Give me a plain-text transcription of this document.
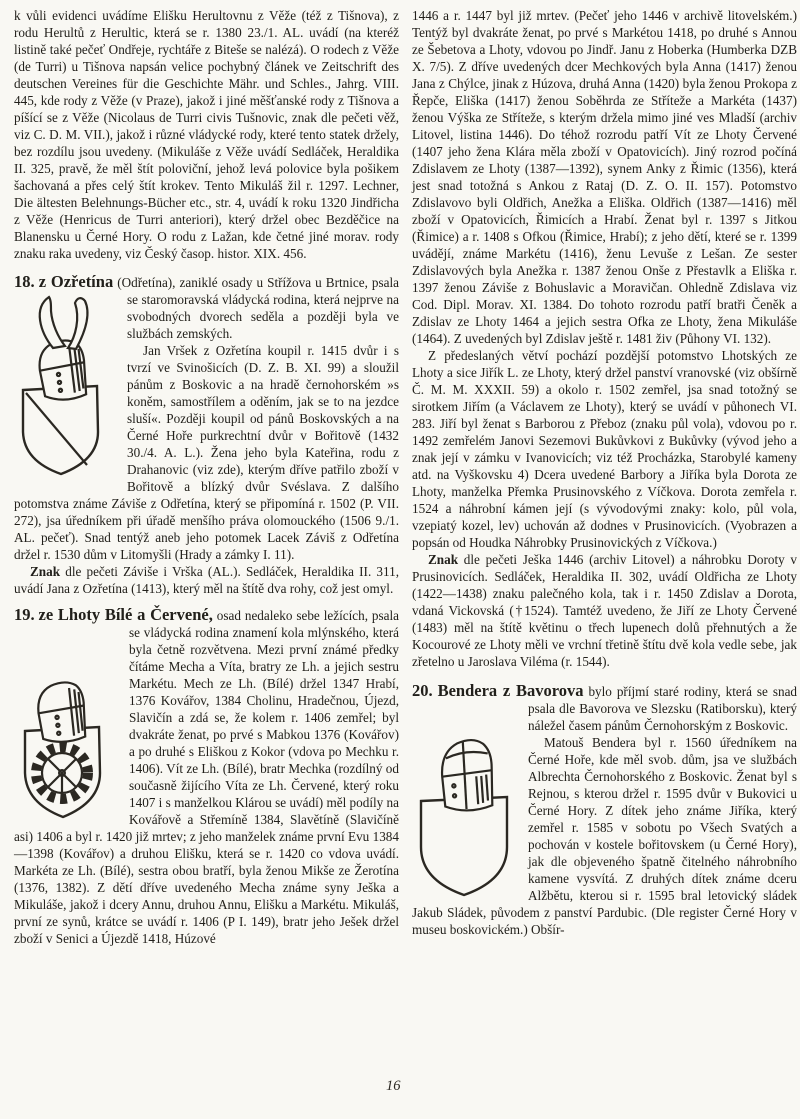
k vůli evidenci uvádíme Elišku Herultovnu z Věže (též z Tišnova), z rodu Herultů z Herultic, která se r. 1380 23./1. AL. uvádí (na kteréž listině také pečeť Ondřeje, rychtáře z Biteše se nalézá). O rodech z Věže (de Turri) u Tišnova napsán velice pochybný článek ve Zeitschrift des deutschen Vereines für die Geschichte Mähr. und Schles., Jahrg. VIII. 445, kde rody z Věže (v Praze), jakož i jiné měšťanské rody z Tišnova a píšící se z Věže (Nicolaus de Turri civis Tušnovic, znak dle pečeti věž, viz C. D. M. VII.), jakož i různé vládycké rody, které tento statek držely, bez rozdílu jsou uvedeny. (Mikuláše z Věže uvádí Sedláček, Heraldika II. 325, pravě, že měl štít poloviční, jehož levá polovice byla pošikem šachovaná a přes celý štít krokev. Tento Mikuláš žil r. 1297. Lechner, Die ältesten Belehnungs-Bücher etc., str. 4, uvádí k roku 1320 Jindřicha z Věže (Henricus de Turri anteriori), který držel obec Bezděčice na Blanensku u Černé Hory. O rodu z Lažan, kde četné jiné morav. rody znaku raka uvedeny, viz Český časop. histor. XIX. 456.

18. z Ozřetína (Odřetína), zaniklé osady u Střížova u Brtnice, psala se staromoravská vládycká rodina, která nejprve na svobodných dvorech seděla a později byla ve službách zemských.

Jan Vršek z Ozřetína koupil r. 1415 dvůr i s tvrzí ve Svinošicích (D. Z. B. XI. 99) a sloužil pánům z Boskovic a na hradě černohorském »s koněm, samostřílem a oděním, jak se to na jezdce sluší«. Později koupil od pánů Boskovských a na Černé Hoře purkrechtní dvůr v Bořitově (1432 30./4. A. L.). Žena jeho byla Kateřina, rodu z Drahanovic (viz zde), kterým dříve patřilo zboží v Bořitově a blízký dvůr Svéslava. Z dalšího potomstva známe Záviše z Odřetína, který se připomíná r. 1502 (P. VII. 272), jsa úředníkem při úřadě menšího práva olomouckého (1506 9./1. AL. pečeť). Snad tentýž aneb jeho potomek Lacek Záviš z Odřetína držel r. 1530 dům v Litomyšli (Hrady a zámky I. 11).

Znak dle pečeti Záviše i Vrška (AL.). Sedláček, Heraldika II. 311, uvádí Jana z Ozřetína (1413), který měl na štítě dva rohy, což jest omyl.

19. ze Lhoty Bílé a Červené, osad nedaleko sebe ležících, psala se vládycká rodina znamení kola mlýnského, která byla četně rozvětvena. Mezi první známé předky čítáme Mecha a Víta, bratry ze Lh. a jejich sestru Markétu. Mech ze Lh. (Bílé) držel 1347 Hrabí, 1376 Kovářov, 1384 Cholinu, Hradečnou, Újezd, Slavičín a zdá se, že kolem r. 1406 zemřel; byl dvakráte ženat, po prvé s Mabkou 1376 (Kovářov) a po druhé s Eliškou z Kokor (vdova po Mechku r. 1406). Vít ze Lh. (Bílé), bratr Mechka (rozdílný od současně žijícího Víta ze Lh. Červené, který roku 1407 i s manželkou Klárou se uvádí) měl podíly na Kovářově a Střemíně 1384, Slavětíně (Slavičíně asi) 1406 a byl r. 1420 již mrtev; z jeho manželek známe první Evu 1384—1398 (Kovářov) a druhou Elišku, která se r. 1420 co vdova uvádí. Markéta ze Lh. (Bílé), sestra obou bratří, byla ženou Mikše ze Žerotína (1376, 1382). Z dětí dříve uvedeného Mecha známe syny Ješka a Mikuláše, jakož i dcery Annu, druhou Annu, Elišku a Markétu. Mikuláš, první ze synů, krátce se uvádí r. 1406 (P I. 149), bratr jeho Ješek držel zboží v Senici a Újezdě 1418, Húzové

1446 a r. 1447 byl již mrtev. (Pečeť jeho 1446 v archivě litovelském.) Tentýž byl dvakráte ženat, po prvé s Markétou 1418, po druhé s Annou ze Šebetova a Lhoty, vdovou po Jindř. Janu z Hoberka (Humberka DZB X. 7/5). Z dříve uvedených dcer Mechkových byla Anna (1417) ženou Jana z Chýlce, jinak z Húzova, druhá Anna (1420) byla ženou Prokopa z Řepče, Eliška (1417) ženou Soběhrda ze Stříteže a Markéta (1437) ženou Výška ze Stříteže, s kterým držela mimo jiné ves Mladší (archiv Litovel, listina 1446). Do téhož rozrodu patří Vít ze Lhoty Červené (1407 jeho žena Klára měla zboží v Opatovicích). Jiný rozrod počíná Zdislavem ze Lhoty (1387—1392), synem Anky z Řimic (1356), která jest snad totožná s Ankou z Rataj (D. Z. O. II. 157). Potomstvo Zdislavovo byli Oldřich, Anežka a Eliška. Oldřich (1387—1416) měl zboží v Opatovicích, Řimicích a Hrabí. Ženat byl r. 1397 s Jitkou (Řimice) a r. 1408 s Ofkou (Řimice, Hrabí); z jeho dětí, které se r. 1399 uvádějí, známe Markétu (1416), ženu Levuše z Lešan. Ze sester Zdislavových byla Anežka r. 1387 ženou Onše z Přestavlk a Eliška r. 1397 ženou Záviše z Bohuslavic a Moravičan. Ohledně Zdislava viz Cod. Dipl. Morav. XI. 1384. Do tohoto rozrodu patří bratři Čeněk a Zdislav ze Lhoty 1464 a jejich sestra Ofka ze Lhoty, žena Mikuláše (1464). Z uvedených byl Zdislav ještě r. 1481 živ (Půhony VI. 132).

Z předeslaných větví pochází pozdější potomstvo Lhotských ze Lhoty a sice Jiřík L. ze Lhoty, který držel panství vranovské (viz obšírně Č. M. M. XXXII. 59) a okolo r. 1502 zemřel, jsa snad totožný se sirotkem Jiřím (a Václavem ze Lhoty), který se uvádí v půhonech VI. 283. Jiří byl ženat s Barborou z Přeboz (znaku půl vola), vdovou po r. 1492 zemřelém Janovi Sezemovi Bukůvkovi z Bukůvky (vývod jeho a znak její v zámku v Ivanovicích; viz též Procházka, Starobylé kameny atd. na Vyškovsku 4) Dcera uvedené Barbory a Jiříka byla Dorota ze Lhoty, manželka Přemka Prusinovského z Víčkova. Dorota zemřela r. 1524 a náhrobní kámen její (s vývodovými znaky: kolo, půl vola, vzepiatý kozel, lev) uchován až dodnes v Prusinovicích. (Vyobrazen a popsán od Houdka Náhrobky Prusinovických z Víčkova.)

Znak dle pečeti Ješka 1446 (archiv Litovel) a náhrobku Doroty v Prusinovicích. Sedláček, Heraldika II. 302, uvádí Oldřicha ze Lhoty (1422—1438) znaku palečného kola, tak i r. 1450 Zdislav a Dorota, vdaná Vickovská (†1524). Tamtéž uvedeno, že Jiří ze Lhoty Červené (1483) měl na štítě květinu o třech lupenech dolů přehnutých a že Kocourové ze Lhoty měli ve vrchní třetině štítu dvě kola vedle sebe, jak zřetelno u Jaroslava Viléma (r. 1544).

20. Bendera z Bavorova bylo příjmí staré rodiny, která se snad psala dle Bavorova ve Slezsku (Ratiborsku), který náležel časem pánům Černohorským z Boskovic.

Matouš Bendera byl r. 1560 úředníkem na Černé Hoře, kde měl svob. dům, jsa ve službách Albrechta Černohorského z Boskovic. Ženat byl s Rejnou, s kterou držel r. 1595 dvůr v Bukovici u Černé Hory. Z dítek jeho známe Jiříka, který zemřel r. 1585 v sobotu po Všech Svatých a pochován v kostele bořitovskem (u Černé Hory), jak dle objeveného špatně čitelného náhrobního kamene vysvítá. Z druhých dítek známe dceru Alžbětu, kterou si r. 1595 bral letovický sládek Jakub Sládek, původem z panství Pardubic. (Dle register Černé Hory v museu boskovickém.) Obšír-

16
